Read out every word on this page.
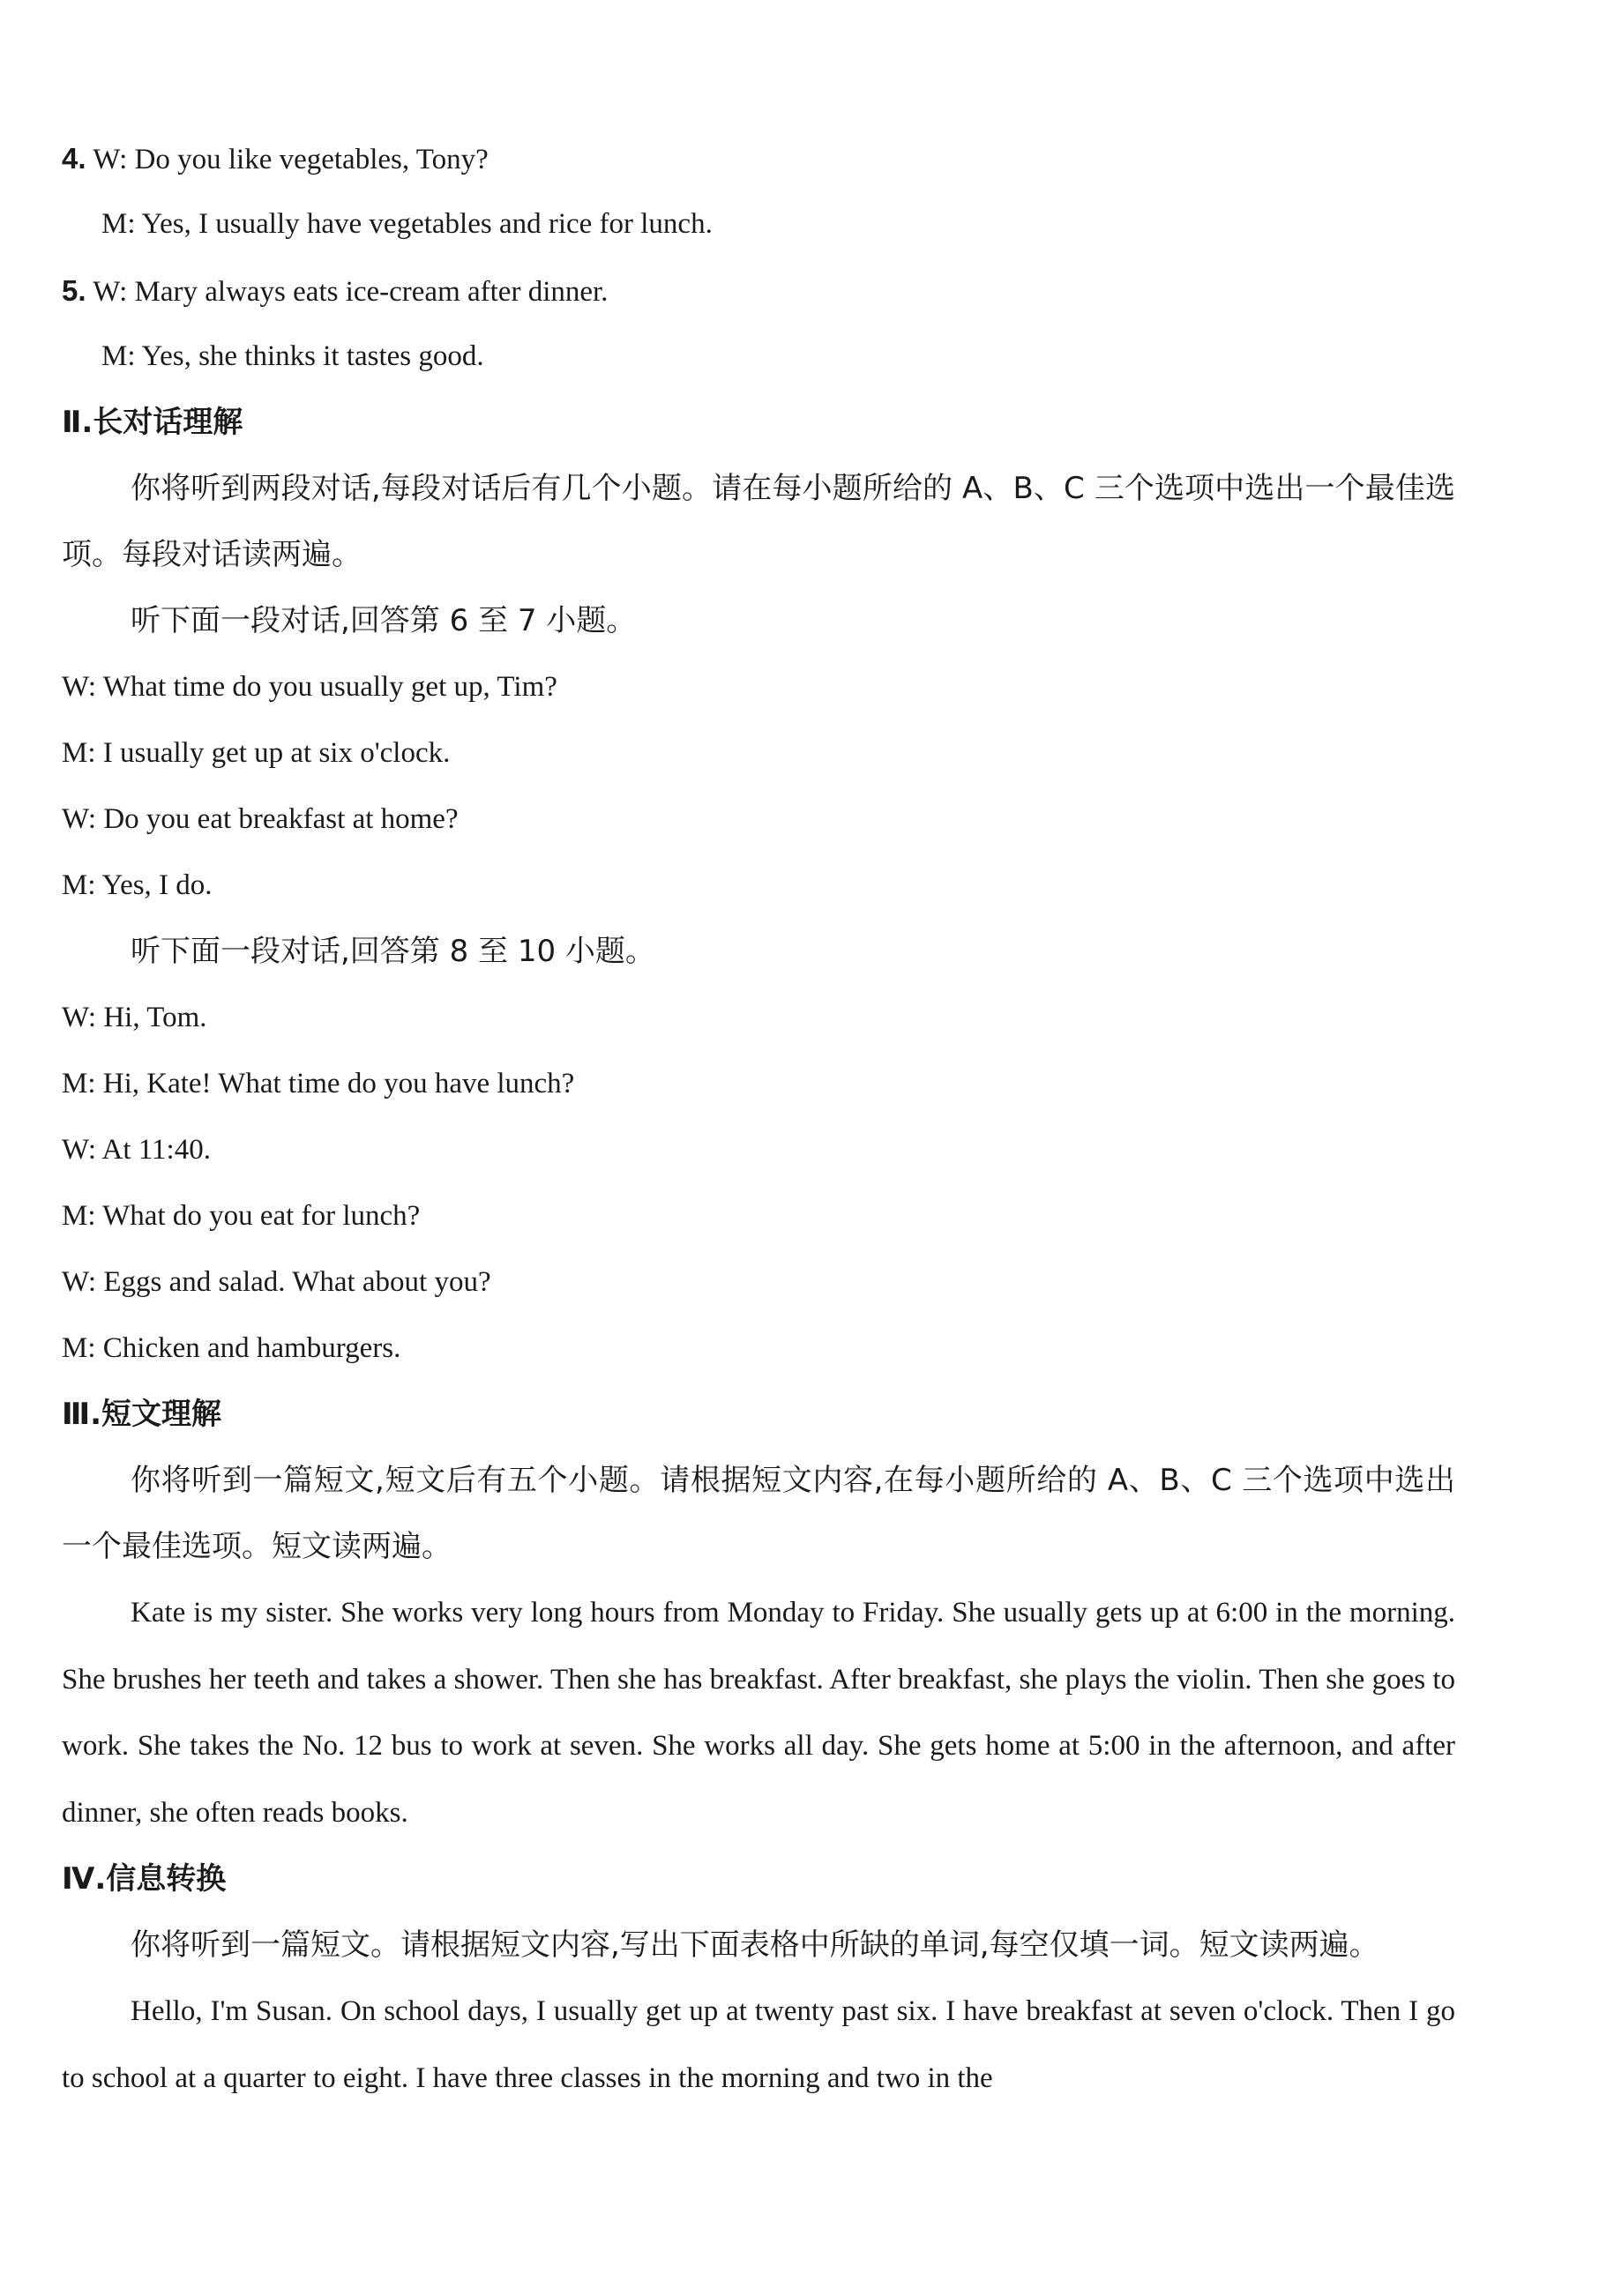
4. W: Do you like vegetables, Tony?
M: Yes, I usually have vegetables and rice for lunch.
5. W: Mary always eats ice-cream after dinner.
M: Yes, she thinks it tastes good.
Ⅱ.长对话理解
你将听到两段对话,每段对话后有几个小题。请在每小题所给的 A、B、C 三个选项中选出一个最佳选项。每段对话读两遍。
听下面一段对话,回答第 6 至 7 小题。
W: What time do you usually get up, Tim?
M: I usually get up at six o'clock.
W: Do you eat breakfast at home?
M: Yes, I do.
听下面一段对话,回答第 8 至 10 小题。
W: Hi, Tom.
M: Hi, Kate! What time do you have lunch?
W: At 11:40.
M: What do you eat for lunch?
W: Eggs and salad. What about you?
M: Chicken and hamburgers.
Ⅲ.短文理解
你将听到一篇短文,短文后有五个小题。请根据短文内容,在每小题所给的 A、B、C 三个选项中选出一个最佳选项。短文读两遍。
Kate is my sister. She works very long hours from Monday to Friday. She usually gets up at 6:00 in the morning. She brushes her teeth and takes a shower. Then she has breakfast. After breakfast, she plays the violin. Then she goes to work. She takes the No. 12 bus to work at seven. She works all day. She gets home at 5:00 in the afternoon, and after dinner, she often reads books.
Ⅳ.信息转换
你将听到一篇短文。请根据短文内容,写出下面表格中所缺的单词,每空仅填一词。短文读两遍。
Hello, I'm Susan. On school days, I usually get up at twenty past six. I have breakfast at seven o'clock. Then I go to school at a quarter to eight. I have three classes in the morning and two in the
